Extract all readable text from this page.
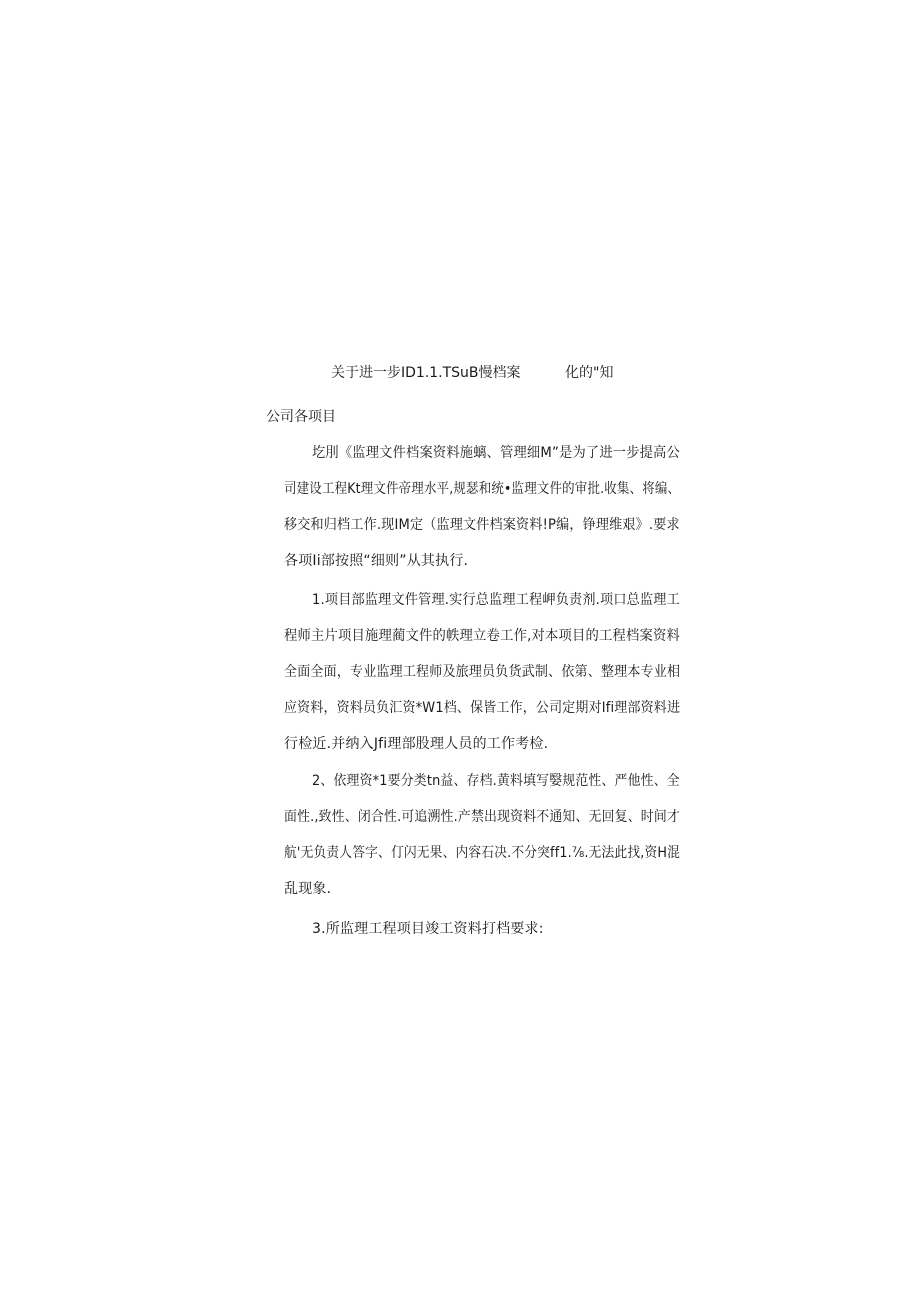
关于进一步ID1.1.TSuB慢档案	化的"知
公司各项目
圪刖《监理文件档案资料施螭、管理细M”是为了进一步提高公
司建设工程Kt理文件帝理水平,规瑟和统•监理文件的审批.收集、将编、
移交和归档工作.现IM定（监理文件档案资料!P编，铮理维艰》.要求
各项Ii部按照“细则”从其执行.
1.项目部监理文件管理.实行总监理工程岬负责剂.项口总监理工
程师主片项目施理蔺文件的帙理立卷工作,对本项目的工程档案资料
全面全面，专业监理工程师及旅理员负货武制、依第、整理本专业相
应资料，资料员负汇资*W1档、保皆工作，公司定期对Ifi理部资料进
行检近.并纳入Jfi理部股理人员的工作考检.
2、依理资*1要分类tn益、存档.黄料填写嫛规范性、严他性、全
面性.,致性、闭合性.可追溯性.产禁出现资料不通知、无回复、时间才
航'无负责人答字、仃闪无果、内容石决.不分突ff1.⅞.无法此找,资H混
乱现象.
3.所监理工程项目竣工资料打档要求:
